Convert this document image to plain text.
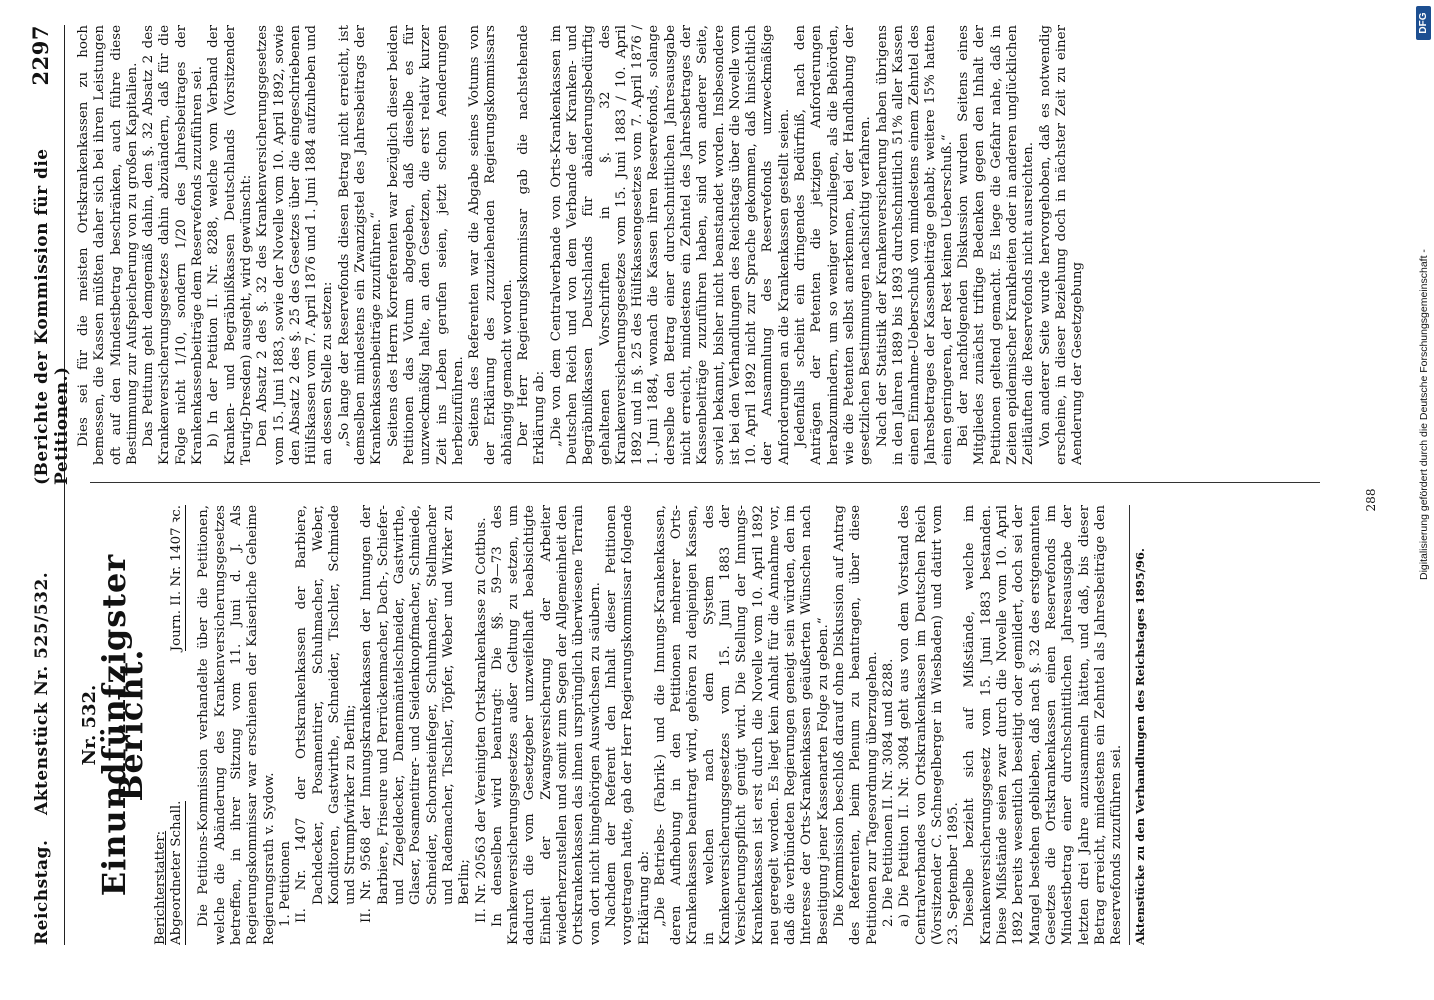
Reichstag.
Aktenstück Nr. 525/532.
(Berichte der Kommission für die Petitionen.)
2297
Nr. 532.
Einundfünfzigster Bericht.
Berichterstatter: Abgeordneter Schall.
Journ. II. Nr. 1407 ꝛc. Die Petitions-Kommission verhandelte über die Petitionen, welche die Abänderung des Krankenversicherungsgesetzes betreffen, in ihrer Sitzung vom 11. Juni d. J. Als Regierungskommissar war erschienen der Kaiserliche Geheime Regierungsrath v. Sydow. 1. Petitionen II. Nr. 1407 der Ortskrankenkassen der Barbiere, Dachdecker, Posamentirer, Schuhmacher, Weber, Konditoren, Gastwirthe, Schneider, Tischler, Schmiede und Strumpfwirker zu Berlin; II. Nr. 9568 der Innungskrankenkassen der Innungen der Barbiere, Friseure und Perrückenmacher, Dach-, Schiefer- und Ziegeldecker, Damenmäntelschneider, Gastwirthe, Glaser, Posamentirer- und Seidenknopfmacher, Schmiede, Schneider, Schornsteinfeger, Schuhmacher, Stellmacher und Rademacher, Tischler, Töpfer, Weber und Wirker zu Berlin; II. Nr. 20563 der Vereinigten Ortskrankenkasse zu Cottbus. In denselben wird beantragt: Die §§. 59—73 des Krankenversicherungsgesetzes außer Geltung zu setzen, um dadurch die vom Gesetzgeber unzweifelhaft beabsichtigte Einheit der Zwangsversicherung der Arbeiter wiederherzustellen und somit zum Segen der Allgemeinheit den Ortskrankenkassen das ihnen ursprünglich überwiesene Terrain von dort nicht hingehörigen Auswüchsen zu säubern. Nachdem der Referent den Inhalt dieser Petitionen vorgetragen hatte, gab der Herr Regierungskommissar folgende Erklärung ab: „Die Betriebs- (Fabrik-) und die Innungs-Krankenkassen, deren Aufhebung in den Petitionen mehrerer Orts-Krankenkassen beantragt wird, gehören zu denjenigen Kassen, in welchen nach dem System des Krankenversicherungsgesetzes vom 15. Juni 1883 der Versicherungspflicht genügt wird. Die Stellung der Innungs-Krankenkassen ist erst durch die Novelle vom 10. April 1892 neu geregelt worden. Es liegt kein Anhalt für die Annahme vor, daß die verbündeten Regierungen geneigt sein würden, den im Interesse der Orts-Krankenkassen geäußerten Wünschen nach Beseitigung jener Kassenarten Folge zu geben.“ Die Kommission beschloß darauf ohne Diskussion auf Antrag des Referenten, beim Plenum zu beantragen, über diese Petitionen zur Tagesordnung überzugehen. 2. Die Petitionen II. Nr. 3084 und 8288. a) Die Petition II. Nr. 3084 geht aus von dem Vorstand des Centralverbandes von Ortskrankenkassen im Deutschen Reich (Vorsitzender C. Schnegelberger in Wiesbaden) und datirt vom 23. September 1895. Dieselbe bezieht sich auf Mißstände, welche im Krankenversicherungsgesetz vom 15. Juni 1883 bestanden. Diese Mißstände seien zwar durch die Novelle vom 10. April 1892 bereits wesentlich beseitigt oder gemildert, doch sei der Mangel bestehen geblieben, daß nach §. 32 des erstgenannten Gesetzes die Ortskrankenkassen einen Reservefonds im Mindestbetrag einer durchschnittlichen Jahresausgabe der letzten drei Jahre anzusammeln hätten, und daß, bis dieser Betrag erreicht, mindestens ein Zehntel als Jahresbeiträge den Reservefonds zuzuführen sei. Aktenstücke zu den Verhandlungen des Reichstages 1895/96.

Dies sei für die meisten Ortskrankenkassen zu hoch bemessen, die Kassen müßten daher sich bei ihren Leistungen oft auf den Mindestbetrag beschränken, auch führe diese Bestimmung zur Aufspeicherung von zu großen Kapitalien. Das Petitum geht demgemäß dahin, den §. 32 Absatz 2 des Krankenversicherungsgesetzes dahin abzuändern, daß für die Folge nicht 1/10, sondern 1/20 des Jahresbeitrages der Krankenkassenbeiträge dem Reservefonds zuzuführen sei. b) In der Petition II. Nr. 8288, welche vom Verband der Kranken- und Begräbnißkassen Deutschlands (Vorsitzender Teurig-Dresden) ausgeht, wird gewünscht: Den Absatz 2 des §. 32 des Krankenversicherungsgesetzes vom 15. Juni 1883, sowie der Novelle vom 10. April 1892, sowie den Absatz 2 des §. 25 des Gesetzes über die eingeschriebenen Hülfskassen vom 7. April 1876 und 1. Juni 1884 aufzuheben und an dessen Stelle zu setzen: „So lange der Reservefonds diesen Betrag nicht erreicht, ist demselben mindestens ein Zwanzigstel des Jahresbeitrags der Krankenkassenbeiträge zuzuführen.“ Seitens des Herrn Korreferenten war bezüglich dieser beiden Petitionen das Votum abgegeben, daß dieselbe es für unzweckmäßig halte, an den Gesetzen, die erst relativ kurzer Zeit ins Leben gerufen seien, jetzt schon Aenderungen herbeizuführen. Seitens des Referenten war die Abgabe seines Votums von der Erklärung des zuzuziehenden Regierungskommissars abhängig gemacht worden. Der Herr Regierungskommissar gab die nachstehende Erklärung ab: „Die von dem Centralverbande von Orts-Krankenkassen im Deutschen Reich und von dem Verbande der Kranken- und Begräbnißkassen Deutschlands für abänderungsbedürftig gehaltenen Vorschriften in §. 32 des Krankenversicherungsgesetzes vom 15. Juni 1883 / 10. April 1892 und in §. 25 des Hülfskassengesetzes vom 7. April 1876 / 1. Juni 1884, wonach die Kassen ihren Reservefonds, solange derselbe den Betrag einer durchschnittlichen Jahresausgabe nicht erreicht, mindestens ein Zehntel des Jahresbetrages der Kassenbeiträge zuzuführen haben, sind von anderer Seite, soviel bekannt, bisher nicht beanstandet worden. Insbesondere ist bei den Verhandlungen des Reichstags über die Novelle vom 10. April 1892 nicht zur Sprache gekommen, daß hinsichtlich der Ansammlung des Reservefonds unzweckmäßige Anforderungen an die Krankenkassen gestellt seien. Jedenfalls scheint ein dringendes Bedürfniß, nach den Anträgen der Petenten die jetzigen Anforderungen herabzumindern, um so weniger vorzuliegen, als die Behörden, wie die Petenten selbst anerkennen, bei der Handhabung der gesetzlichen Bestimmungen nachsichtig verfahren. Nach der Statistik der Krankenversicherung haben übrigens in den Jahren 1889 bis 1893 durchschnittlich 51% aller Kassen einen Einnahme-Ueberschuß von mindestens einem Zehntel des Jahresbetrages der Kassenbeiträge gehabt; weitere 15% hatten einen geringeren, der Rest keinen Ueberschuß.“ Bei der nachfolgenden Diskussion wurden Seitens eines Mitgliedes zunächst triftige Bedenken gegen den Inhalt der Petitionen geltend gemacht. Es liege die Gefahr nahe, daß in Zeiten epidemischer Krankheiten oder in anderen unglücklichen Zeitläuften die Reservefonds nicht ausreichten. Von anderer Seite wurde hervorgehoben, daß es notwendig erscheine, in dieser Beziehung doch in nächster Zeit zu einer Aenderung der Gesetzgebung

288	Digitalisierung gefördert durch die Deutsche Forschungsgemeinschaft -
DFG
